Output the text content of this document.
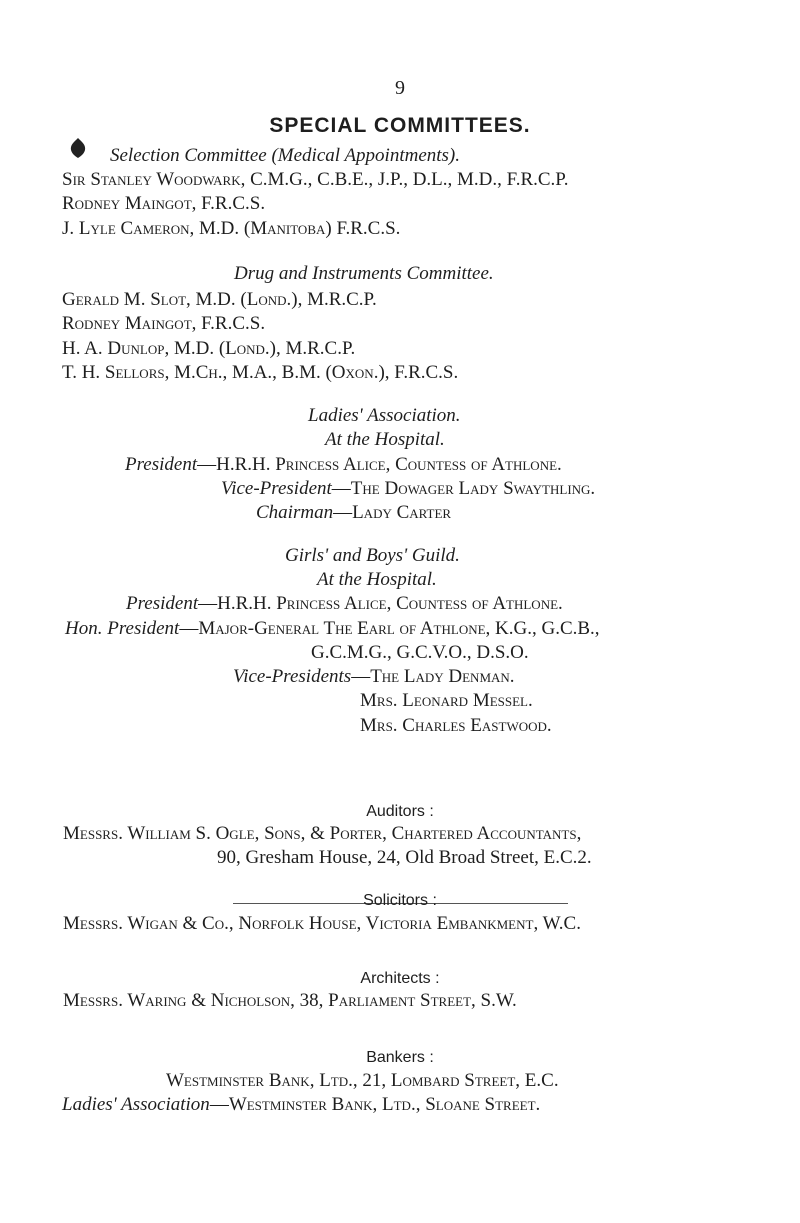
9
SPECIAL COMMITTEES.
Selection Committee (Medical Appointments).
Sir Stanley Woodwark, C.M.G., C.B.E., J.P., D.L., M.D., F.R.C.P.
Rodney Maingot, F.R.C.S.
J. Lyle Cameron, M.D. (Manitoba) F.R.C.S.
Drug and Instruments Committee.
Gerald M. Slot, M.D. (Lond.), M.R.C.P.
Rodney Maingot, F.R.C.S.
H. A. Dunlop, M.D. (Lond.), M.R.C.P.
T. H. Sellors, M.Ch., M.A., B.M. (Oxon.), F.R.C.S.
Ladies' Association.
At the Hospital.
President—H.R.H. Princess Alice, Countess of Athlone.
Vice-President—The Dowager Lady Swaythling.
Chairman—Lady Carter
Girls' and Boys' Guild.
At the Hospital.
President—H.R.H. Princess Alice, Countess of Athlone.
Hon. President—Major-General The Earl of Athlone, K.G., G.C.B.,
G.C.M.G., G.C.V.O., D.S.O.
Vice-Presidents—The Lady Denman.
Mrs. Leonard Messel.
Mrs. Charles Eastwood.
Auditors :
Messrs. William S. Ogle, Sons, & Porter, Chartered Accountants,
90, Gresham House, 24, Old Broad Street, E.C.2.
Solicitors :
Messrs. Wigan & Co., Norfolk House, Victoria Embankment, W.C.
Architects :
Messrs. Waring & Nicholson, 38, Parliament Street, S.W.
Bankers :
Westminster Bank, Ltd., 21, Lombard Street, E.C.
Ladies' Association—Westminster Bank, Ltd., Sloane Street.
